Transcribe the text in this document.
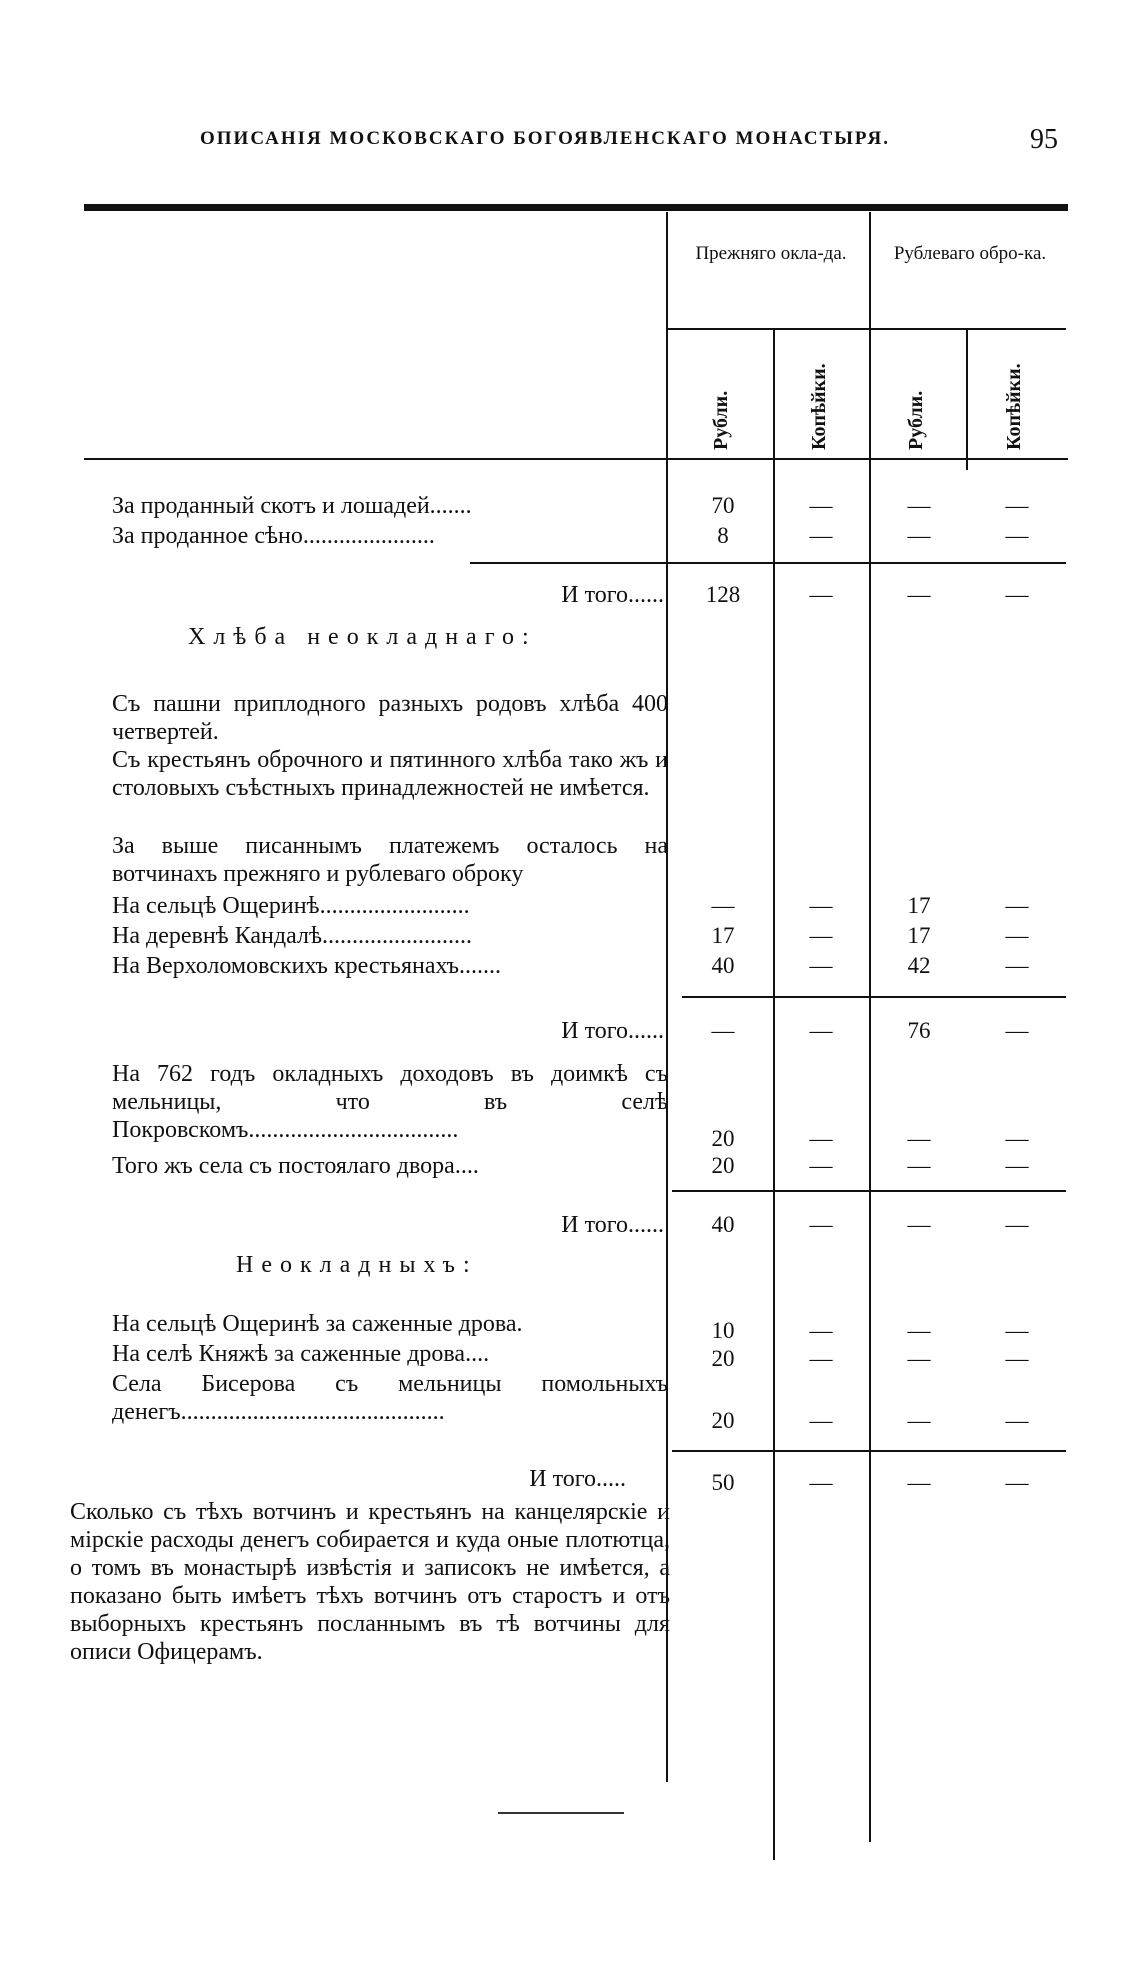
ОПИСАНІЯ МОСКОВСКАГО БОГОЯВЛЕНСКАГО МОНАСТЫРЯ.	95
Прежняго окла-да.	Рублеваго обро-ка.
Рубли.	Копѣйки.	Рубли.	Копѣйки.
За проданный скотъ и лошадей.......	70	—	—	—
За проданное сѣно......................	8	—	—	—
И того......	128	—	—	—
Хлѣба неокладнаго:
Съ пашни приплодного разныхъ родовъ хлѣба 400 четвертей.
Съ крестьянъ оброчного и пятинного хлѣба тако жъ и столовыхъ съѣстныхъ принадлежностей не имѣется.
За выше писаннымъ платежемъ осталось на вотчинахъ прежняго и рублеваго оброку
На сельцѣ Ощеринѣ.........................	—	—	17	—
На деревнѣ Кандалѣ.........................	17	—	17	—
На Верхоломовскихъ крестьянахъ.......	40	—	42	—
И того......	—	—	76	—
На 762 годъ окладныхъ доходовъ въ доимкѣ съ мельницы, что въ селѣ Покровскомъ...................................	20	—	—	—
Того жъ села съ постоялаго двора....	20	—	—	—
И того......	40	—	—	—
Неокладныхъ:
На сельцѣ Ощеринѣ за саженные дрова.	10	—	—	—
На селѣ Княжѣ за саженные дрова....	20	—	—	—
Села Бисерова съ мельницы помольныхъ денегъ............................................	20	—	—	—
И того.....	50	—	—	—
Сколько съ тѣхъ вотчинъ и крестьянъ на канцелярскіе и мірскіе расходы денегъ собирается и куда оные плотютца, о томъ въ монастырѣ извѣстія и записокъ не имѣется, а показано быть имѣетъ тѣхъ вотчинъ отъ старостъ и отъ выборныхъ крестьянъ посланнымъ въ тѣ вотчины для описи Офицерамъ.
